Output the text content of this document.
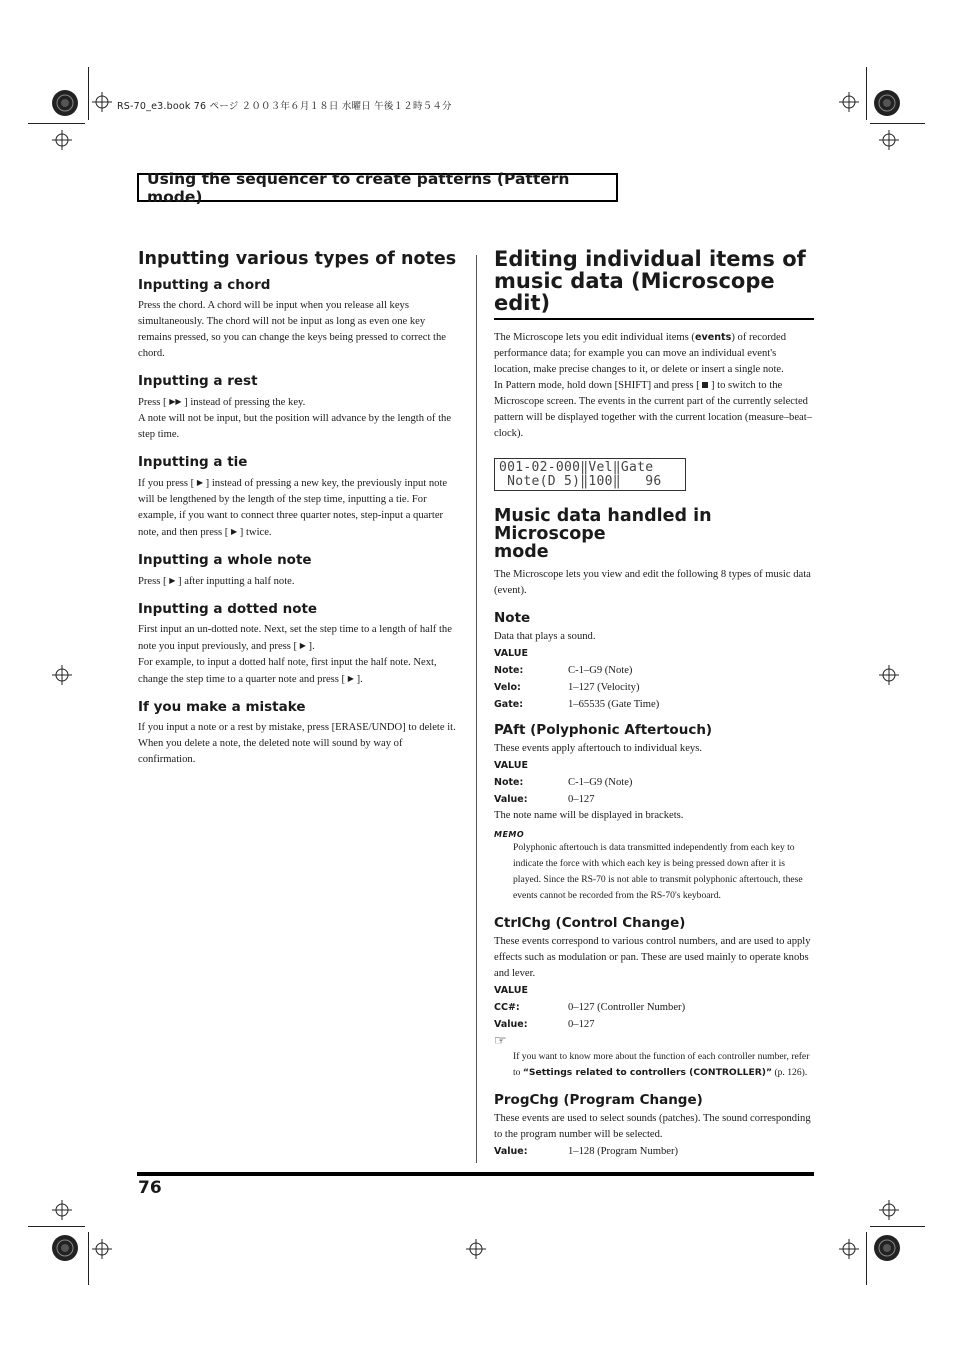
RS-70_e3.book 76 ページ ２００３年６月１８日 水曜日 午後１２時５４分
Using the sequencer to create patterns (Pattern mode)
Inputting various types of notes
Inputting a chord

Press the chord. A chord will be input when you release all keys simultaneously. The chord will not be input as long as even one key remains pressed, so you can change the keys being pressed to correct the chord.

Inputting a rest

Press [ ▶▶ ] instead of pressing the key.

A note will not be input, but the position will advance by the length of the step time.

Inputting a tie

If you press [ ▶ ] instead of pressing a new key, the previously input note will be lengthened by the length of the step time, inputting a tie. For example, if you want to connect three quarter notes, step-input a quarter note, and then press [ ▶ ] twice.

Inputting a whole note

Press [ ▶ ] after inputting a half note.

Inputting a dotted note

First input an un-dotted note. Next, set the step time to a length of half the note you input previously, and press [ ▶ ].

For example, to input a dotted half note, first input the half note. Next, change the step time to a quarter note and press [ ▶ ].

If you make a mistake

If you input a note or a rest by mistake, press [ERASE/UNDO] to delete it. When you delete a note, the deleted note will sound by way of confirmation.

Editing individual items of
music data (Microscope edit)

The Microscope lets you edit individual items (events) of recorded performance data; for example you can move an individual event's location, make precise changes to it, or delete or insert a single note.

In Pattern mode, hold down [SHIFT] and press [ ] to switch to the Microscope screen. The events in the current part of the currently selected pattern will be displayed together with the current location (measure–beat–clock).

001-02-000‖Vel‖Gate
Note(D 5)‖100‖   96
Music data handled in Microscope
mode

The Microscope lets you view and edit the following 8 types of music data (event).

Note

Data that plays a sound.

VALUE
Note:	C-1–G9 (Note)
Velo:	1–127 (Velocity)
Gate:	1–65535 (Gate Time)
PAft (Polyphonic Aftertouch)

These events apply aftertouch to individual keys.

VALUE
Note:	C-1–G9 (Note)
Value:	0–127

The note name will be displayed in brackets.

MEMO

Polyphonic aftertouch is data transmitted independently from each key to indicate the force with which each key is being pressed down after it is played. Since the RS-70 is not able to transmit polyphonic aftertouch, these events cannot be recorded from the RS-70's keyboard.

CtrlChg (Control Change)

These events correspond to various control numbers, and are used to apply effects such as modulation or pan. These are used mainly to operate knobs and lever.

VALUE
CC#:	0–127 (Controller Number)
Value:	0–127
☞

If you want to know more about the function of each controller number, refer to “Settings related to controllers (CONTROLLER)” (p. 126).

ProgChg (Program Change)

These events are used to select sounds (patches). The sound corresponding to the program number will be selected.

Value:	1–128 (Program Number)
76
